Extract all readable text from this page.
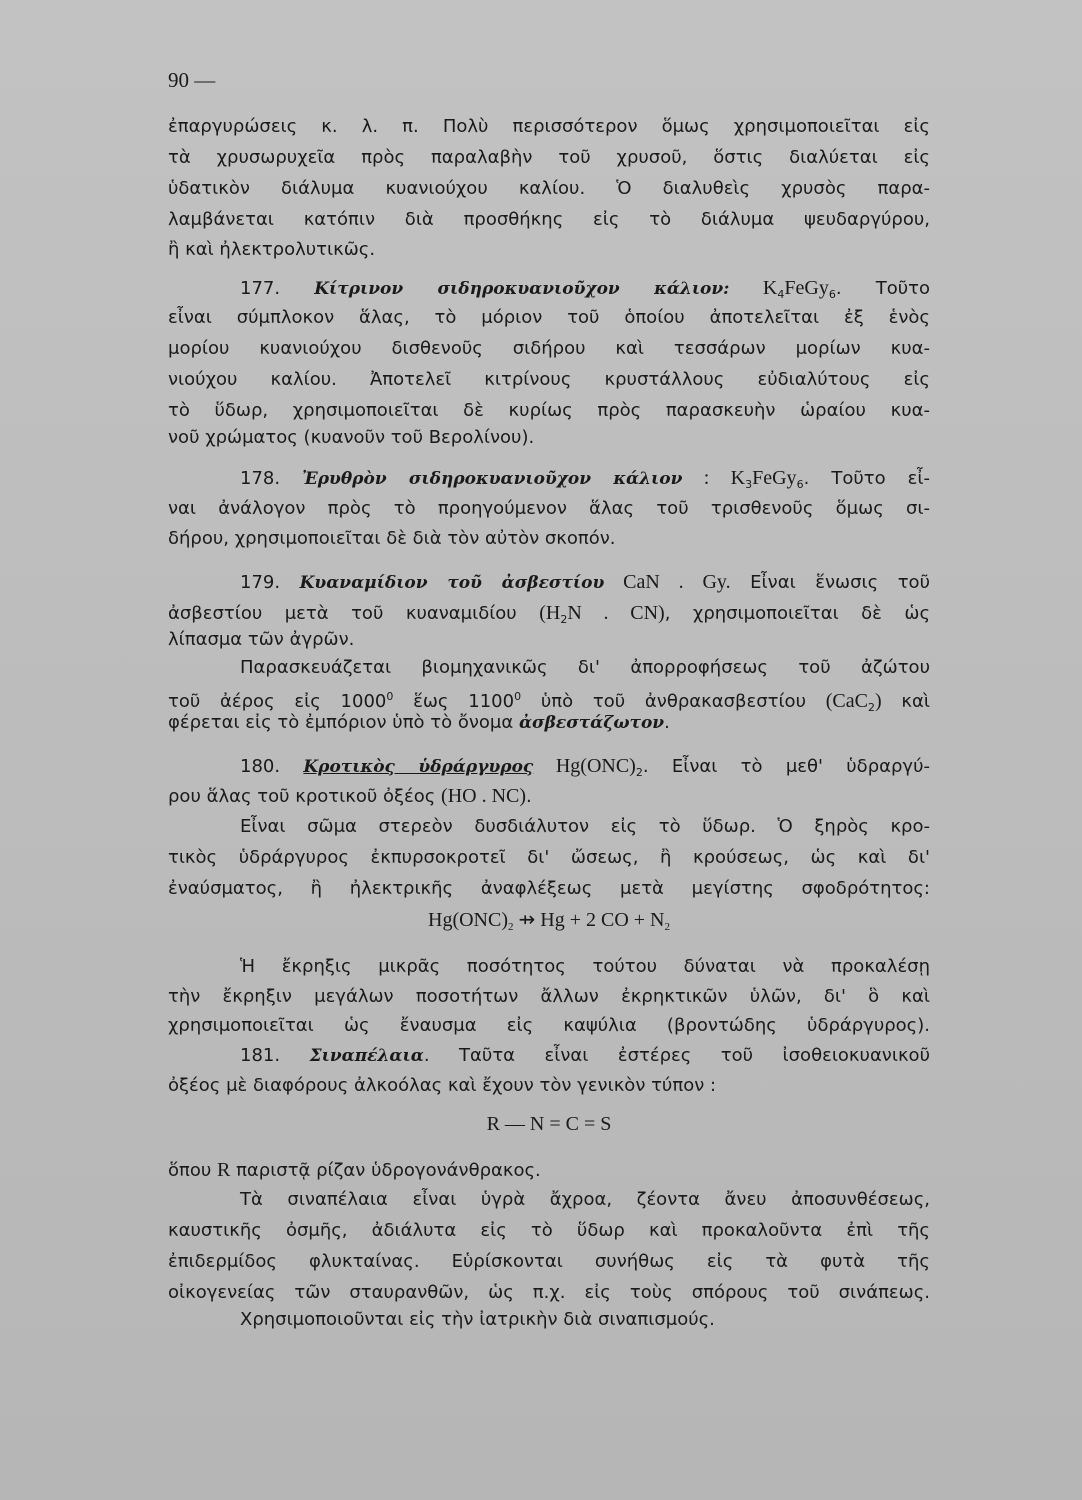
90 —
ἐπαργυρώσεις κ. λ. π. Πολὺ περισσότερον ὅμως χρησιμοποιεῖται εἰς
τὰ χρυσωρυχεῖα πρὸς παραλαβὴν τοῦ χρυσοῦ, ὅστις διαλύεται εἰς
ὑδατικὸν διάλυμα κυανιούχου καλίου. Ὁ διαλυθεὶς χρυσὸς παρα-
λαμβάνεται κατόπιν διὰ προσθήκης εἰς τὸ διάλυμα ψευδαργύρου,
ἢ καὶ ἠλεκτρολυτικῶς.
177. Κίτρινον σιδηροκυανιοῦχον κάλιον: $K_4FeGy_6$. Τοῦτο
εἶναι σύμπλοκον ἅλας, τὸ μόριον τοῦ ὁποίου ἀποτελεῖται ἐξ ἑνὸς
μορίου κυανιούχου δισθενοῦς σιδήρου καὶ τεσσάρων μορίων κυα-
νιούχου καλίου. Ἀποτελεῖ κιτρίνους κρυστάλλους εὐδιαλύτους εἰς
τὸ ὕδωρ, χρησιμοποιεῖται δὲ κυρίως πρὸς παρασκευὴν ὡραίου κυα-
νοῦ χρώματος (κυανοῦν τοῦ Βερολίνου).
178. Ἐρυθρὸν σιδηροκυανιοῦχον κάλιον : $K_3FeGy_6$. Τοῦτο εἶ-
ναι ἀνάλογον πρὸς τὸ προηγούμενον ἅλας τοῦ τρισθενοῦς ὅμως σι-
δήρου, χρησιμοποιεῖται δὲ διὰ τὸν αὐτὸν σκοπόν.
179. Κυαναμίδιον τοῦ ἀσβεστίου CaN . Gy. Εἶναι ἕνωσις τοῦ
ἀσβεστίου μετὰ τοῦ κυαναμιδίου ($H_2N$ . CN), χρησιμοποιεῖται δὲ ὡς
λίπασμα τῶν ἀγρῶν.
Παρασκευάζεται βιομηχανικῶς δι' ἀπορροφήσεως τοῦ ἀζώτου
τοῦ ἀέρος εἰς 1000$^0$ ἕως 1100$^0$ ὑπὸ τοῦ ἀνθρακασβεστίου (CaC$_2$) καὶ
φέρεται εἰς τὸ ἐμπόριον ὑπὸ τὸ ὄνομα ἀσβεστάζωτον.
180. Κροτικὸς ὑδράργυρος $Hg(ONC)_2$. Εἶναι τὸ μεθ' ὑδραργύ-
ρου ἅλας τοῦ κροτικοῦ ὀξέος (HO . NC).
Εἶναι σῶμα στερεὸν δυσδιάλυτον εἰς τὸ ὕδωρ. Ὁ ξηρὸς κρο-
τικὸς ὑδράργυρος ἐκπυρσοκροτεῖ δι' ὤσεως, ἢ κρούσεως, ὡς καὶ δι'
ἐναύσματος, ἢ ἠλεκτρικῆς ἀναφλέξεως μετὰ μεγίστης σφοδρότητος:
$Hg(ONC)_2$ ⇸ Hg + 2 CO + $N_2$
Ἡ ἔκρηξις μικρᾶς ποσότητος τούτου δύναται νὰ προκαλέσῃ
τὴν ἔκρηξιν μεγάλων ποσοτήτων ἄλλων ἐκρηκτικῶν ὑλῶν, δι' ὃ καὶ
χρησιμοποιεῖται ὡς ἔναυσμα εἰς καψύλια (βροντώδης ὑδράργυρος).
181. Σιναπέλαια. Ταῦτα εἶναι ἐστέρες τοῦ ἰσοθειοκυανικοῦ
ὀξέος μὲ διαφόρους ἀλκοόλας καὶ ἔχουν τὸν γενικὸν τύπον :
R — N = C = S
ὅπου R παριστᾷ ρίζαν ὑδρογονάνθρακος.
Τὰ σιναπέλαια εἶναι ὑγρὰ ἄχροα, ζέοντα ἄνευ ἀποσυνθέσεως,
καυστικῆς ὀσμῆς, ἀδιάλυτα εἰς τὸ ὕδωρ καὶ προκαλοῦντα ἐπὶ τῆς
ἐπιδερμίδος φλυκταίνας. Εὑρίσκονται συνήθως εἰς τὰ φυτὰ τῆς
οἰκογενείας τῶν σταυρανθῶν, ὡς π.χ. εἰς τοὺς σπόρους τοῦ σινάπεως.
Χρησιμοποιοῦνται εἰς τὴν ἰατρικὴν διὰ σιναπισμούς.
